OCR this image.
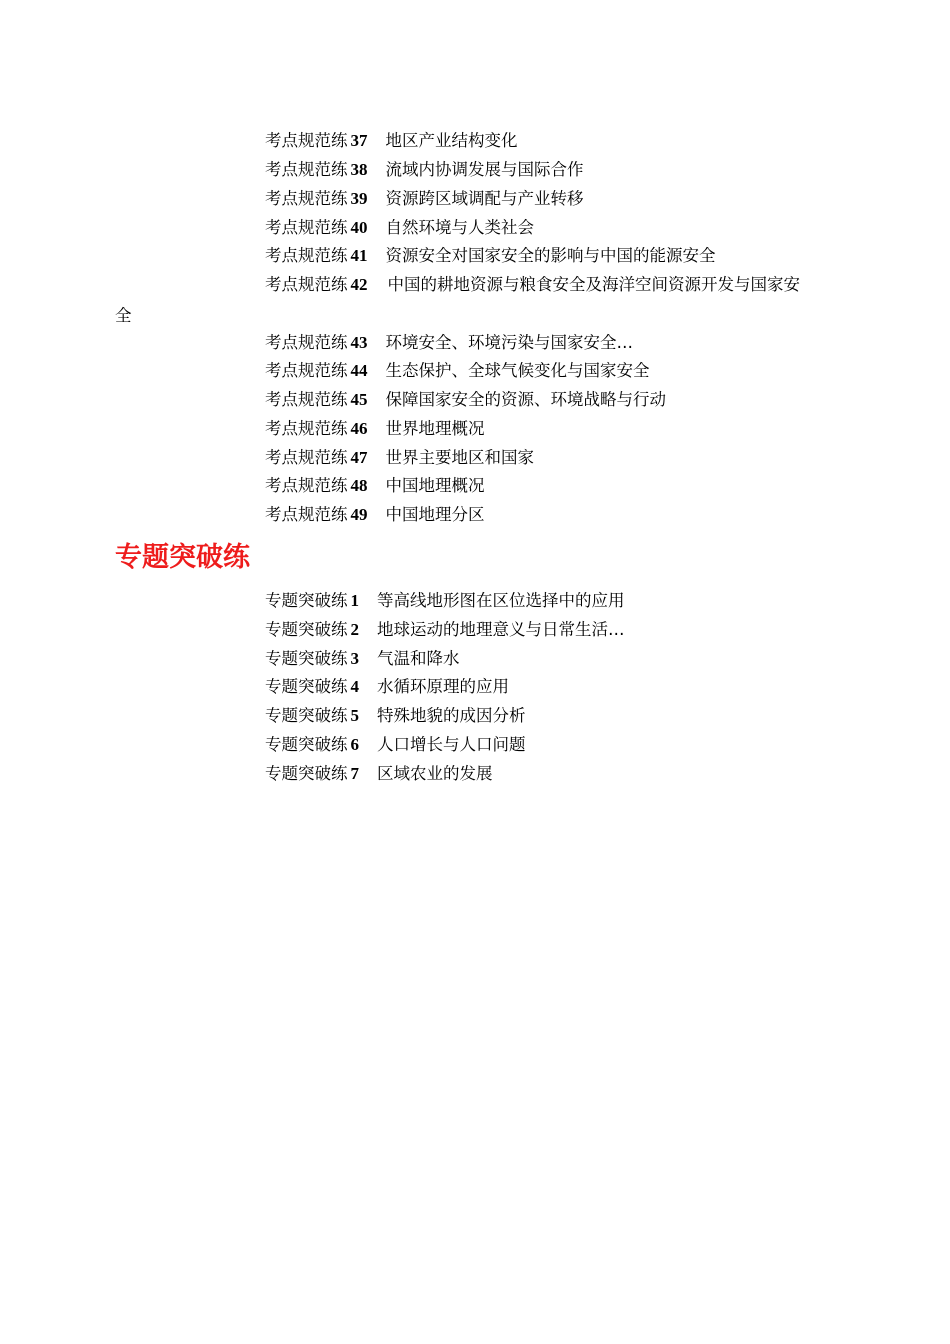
考点规范练 37 地区产业结构变化
考点规范练 38 流域内协调发展与国际合作
考点规范练 39 资源跨区域调配与产业转移
考点规范练 40 自然环境与人类社会
考点规范练 41 资源安全对国家安全的影响与中国的能源安全
考点规范练 42 中国的耕地资源与粮食安全及海洋空间资源开发与国家安
全
考点规范练 43 环境安全、环境污染与国家安全…
考点规范练 44 生态保护、全球气候变化与国家安全
考点规范练 45 保障国家安全的资源、环境战略与行动
考点规范练 46 世界地理概况
考点规范练 47 世界主要地区和国家
考点规范练 48 中国地理概况
考点规范练 49 中国地理分区
专题突破练
专题突破练 1 等高线地形图在区位选择中的应用
专题突破练 2 地球运动的地理意义与日常生活…
专题突破练 3 气温和降水
专题突破练 4 水循环原理的应用
专题突破练 5 特殊地貌的成因分析
专题突破练 6 人口增长与人口问题
专题突破练 7 区域农业的发展
